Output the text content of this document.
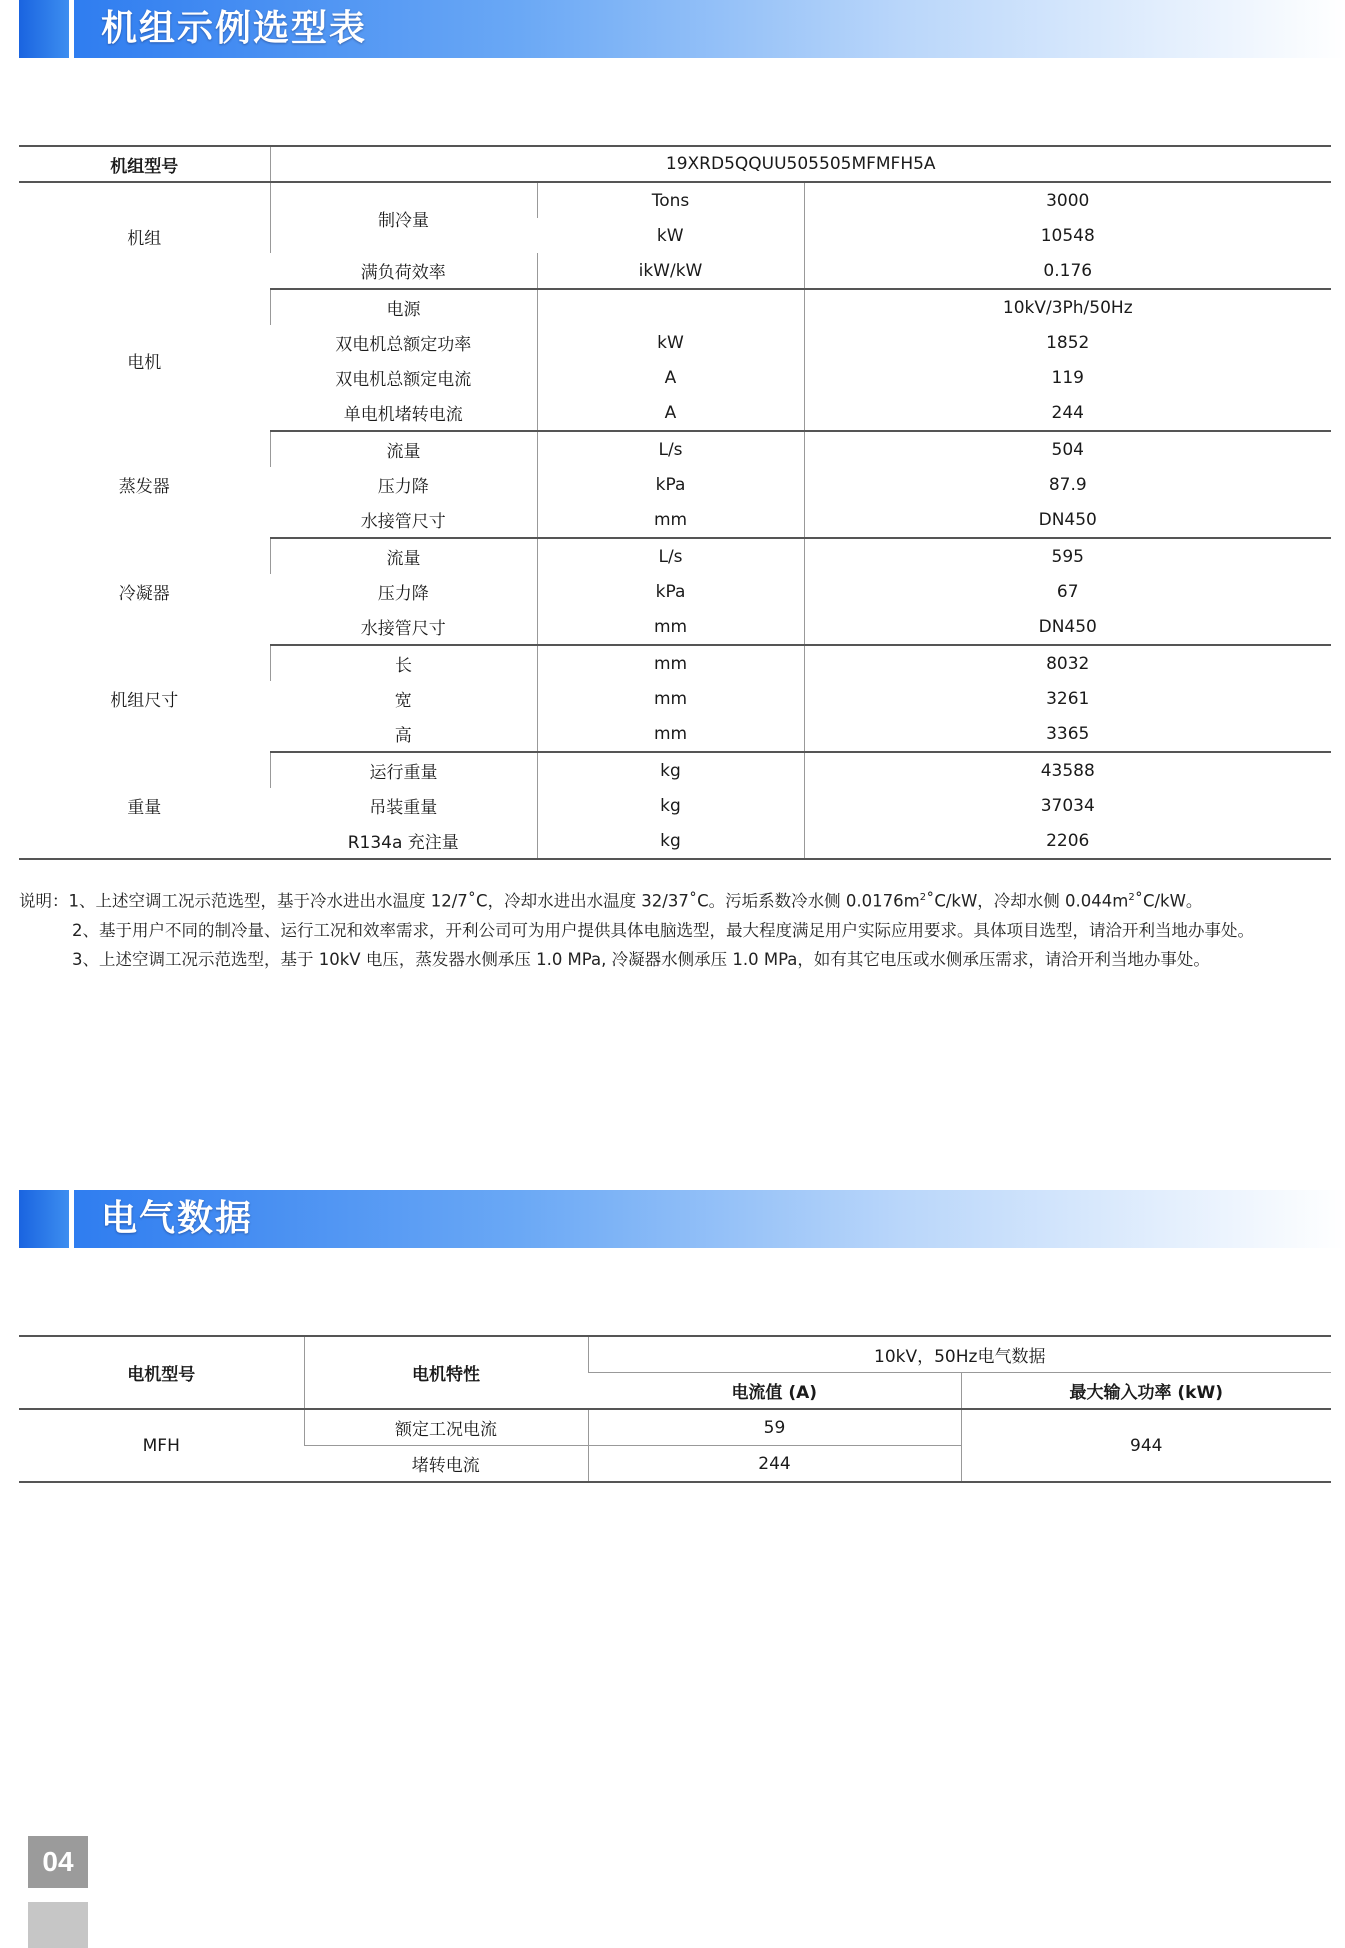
机组示例选型表
机组型号	19XRD5QQUU505505MFMFH5A		
机组	制冷量	Tons	3000
		kW	10548
	满负荷效率	ikW/kW	0.176
电机	电源		10kV/3Ph/50Hz
	双电机总额定功率	kW	1852
	双电机总额定电流	A	119
	单电机堵转电流	A	244
蒸发器	流量	L/s	504
	压力降	kPa	87.9
	水接管尺寸	mm	DN450
冷凝器	流量	L/s	595
	压力降	kPa	67
	水接管尺寸	mm	DN450
机组尺寸	长	mm	8032
	宽	mm	3261
	高	mm	3365
重量	运行重量	kg	43588
	吊装重量	kg	37034
	R134a 充注量	kg	2206
说明：1、上述空调工况示范选型，基于冷水进出水温度 12/7˚C，冷却水进出水温度 32/37˚C。污垢系数冷水侧 $0.0176m^2˚C/kW$，冷却水侧 $0.044m^2˚C/kW$。
2、基于用户不同的制冷量、运行工况和效率需求，开利公司可为用户提供具体电脑选型，最大程度满足用户实际应用要求。具体项目选型，请洽开利当地办事处。
3、上述空调工况示范选型，基于 10kV 电压，蒸发器水侧承压 1.0 MPa, 冷凝器水侧承压 1.0 MPa，如有其它电压或水侧承压需求，请洽开利当地办事处。
电气数据
电机型号	电机特性	10kV，50Hz电气数据	
		电流值 (A)	最大输入功率 (kW)
MFH	额定工况电流	59	944
	堵转电流	244	
04
